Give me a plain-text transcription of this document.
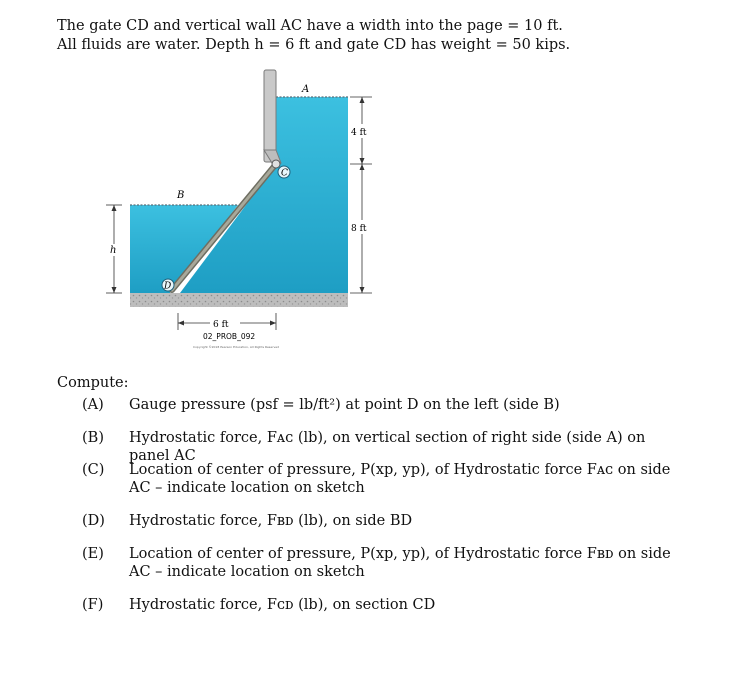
The gate CD and vertical wall AC have a width into the page = 10 ft.
All fluids are water. Depth h = 6 ft and gate CD has weight = 50 kips.
A
B
C
D
h
4 ft
8 ft
6 ft
02_PROB_092
Copyright ©2018 Pearson Education, All Rights Reserved
Compute:
(A) Gauge pressure (psf = lb/ft²) at point D on the left (side B)
(B) Hydrostatic force, Fᴀᴄ (lb), on vertical section of right side (side A) on panel AC
(C) Location of center of pressure, P(xp, yp), of Hydrostatic force Fᴀᴄ on side AC – indicate location on sketch
(D) Hydrostatic force, Fʙᴅ (lb), on side BD
(E) Location of center of pressure, P(xp, yp), of Hydrostatic force Fʙᴅ on side AC – indicate location on sketch
(F) Hydrostatic force, Fᴄᴅ (lb), on section CD
